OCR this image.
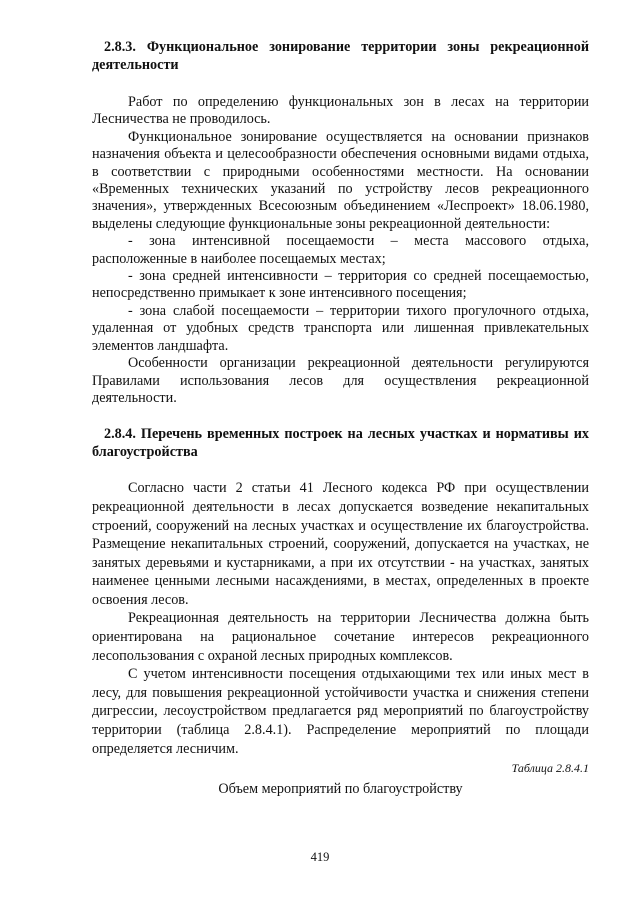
2.8.3. Функциональное зонирование территории зоны рекреационной деятельности

Работ по определению функциональных зон в лесах на территории Лесничества не проводилось.

Функциональное зонирование осуществляется на основании признаков назначения объекта и целесообразности обеспечения основными видами отдыха, в соответствии с природными особенностями местности. На основании «Временных технических указаний по устройству лесов рекреационного значения», утвержденных Всесоюзным объединением «Леспроект» 18.06.1980, выделены следующие функциональные зоны рекреационной деятельности:

- зона интенсивной посещаемости – места массового отдыха, расположенные в наиболее посещаемых местах;

- зона средней интенсивности – территория со средней посещаемостью, непосредственно примыкает к зоне интенсивного посещения;

- зона слабой посещаемости – территории тихого прогулочного отдыха, удаленная от удобных средств транспорта или лишенная привлекательных элементов ландшафта.

Особенности организации рекреационной деятельности регулируются Правилами использования лесов для осуществления рекреационной деятельности.

2.8.4. Перечень временных построек на лесных участках и нормативы их благоустройства

Согласно части 2 статьи 41 Лесного кодекса РФ при осуществлении рекреационной деятельности в лесах допускается возведение некапитальных строений, сооружений на лесных участках и осуществление их благоустройства. Размещение некапитальных строений, сооружений, допускается на участках, не занятых деревьями и кустарниками, а при их отсутствии - на участках, занятых наименее ценными лесными насаждениями, в местах, определенных в проекте освоения лесов.

Рекреационная деятельность на территории Лесничества должна быть ориентирована на рациональное сочетание интересов рекреационного лесопользования с охраной лесных природных комплексов.

С учетом интенсивности посещения отдыхающими тех или иных мест в лесу, для повышения рекреационной устойчивости участка и снижения степени дигрессии, лесоустройством предлагается ряд мероприятий по благоустройству территории (таблица 2.8.4.1). Распределение мероприятий по площади определяется лесничим.

Таблица 2.8.4.1
Объем мероприятий по благоустройству
419
